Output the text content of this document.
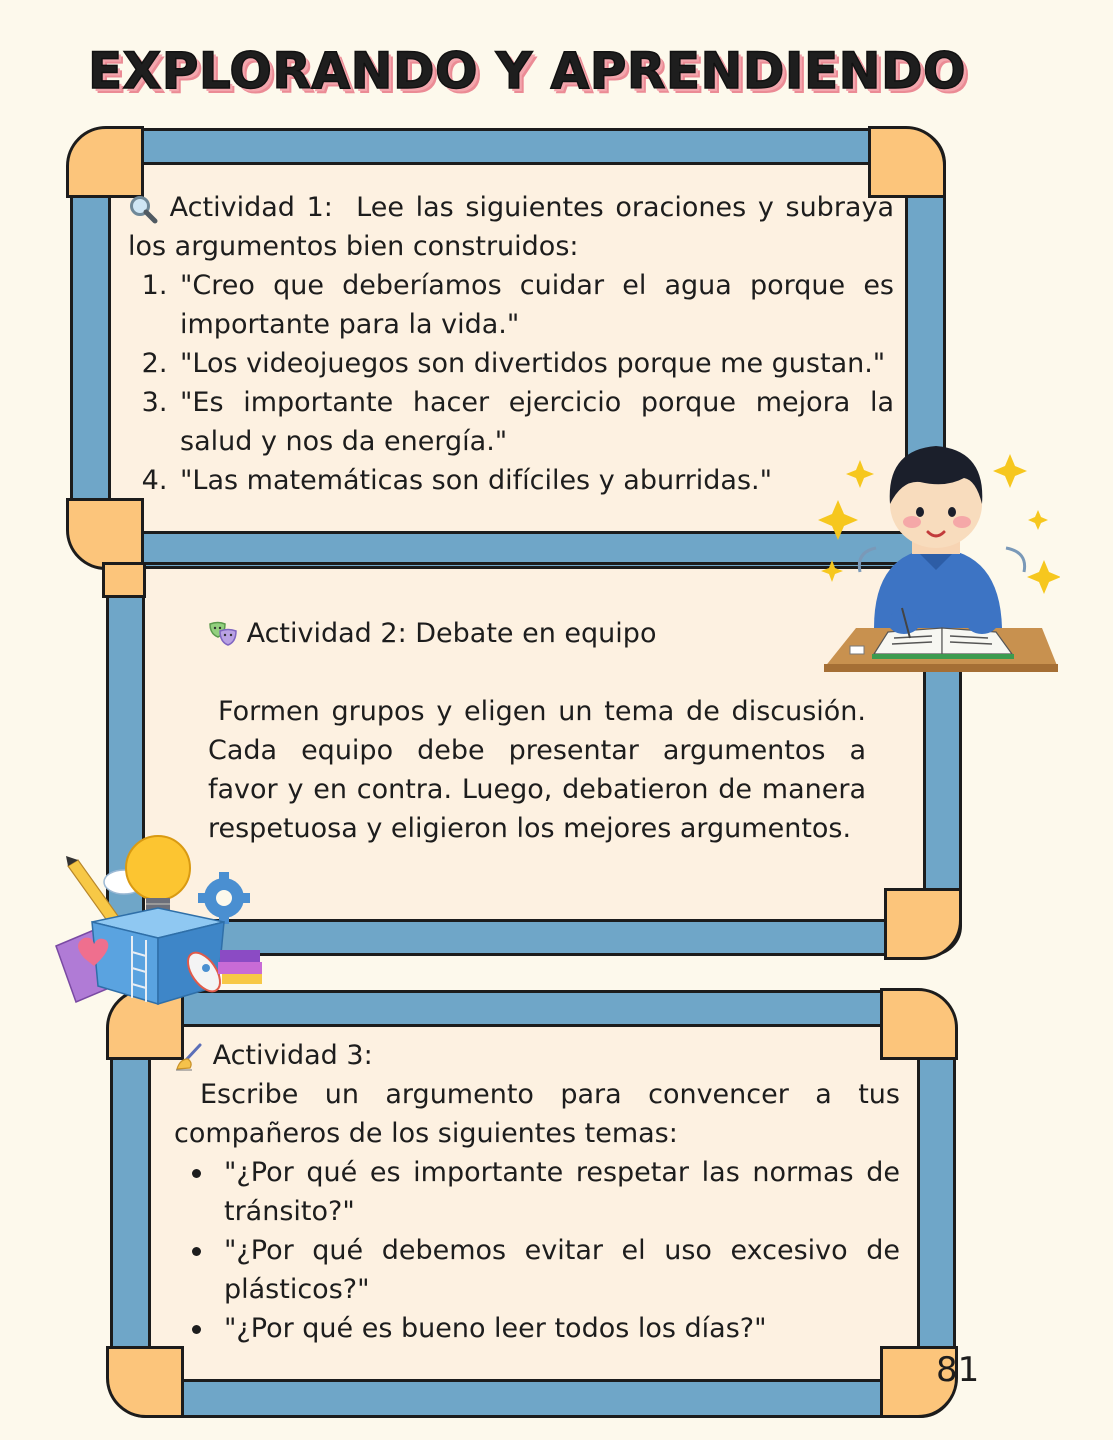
EXPLORANDO Y APRENDIENDO

Actividad 1: Lee las siguientes oraciones y subraya los argumentos bien construidos:

1. "Creo que deberíamos cuidar el agua porque es importante para la vida."
2. "Los videojuegos son divertidos porque me gustan."
3. "Es importante hacer ejercicio porque mejora la salud y nos da energía."
4. "Las matemáticas son difíciles y aburridas."

Actividad 2: Debate en equipo

Formen grupos y eligen un tema de discusión. Cada equipo debe presentar argumentos a favor y en contra. Luego, debatieron de manera respetuosa y eligieron los mejores argumentos.

Actividad 3:

Escribe un argumento para convencer a tus compañeros de los siguientes temas:

"¿Por qué es importante respetar las normas de tránsito?"
"¿Por qué debemos evitar el uso excesivo de plásticos?"
"¿Por qué es bueno leer todos los días?"
81
